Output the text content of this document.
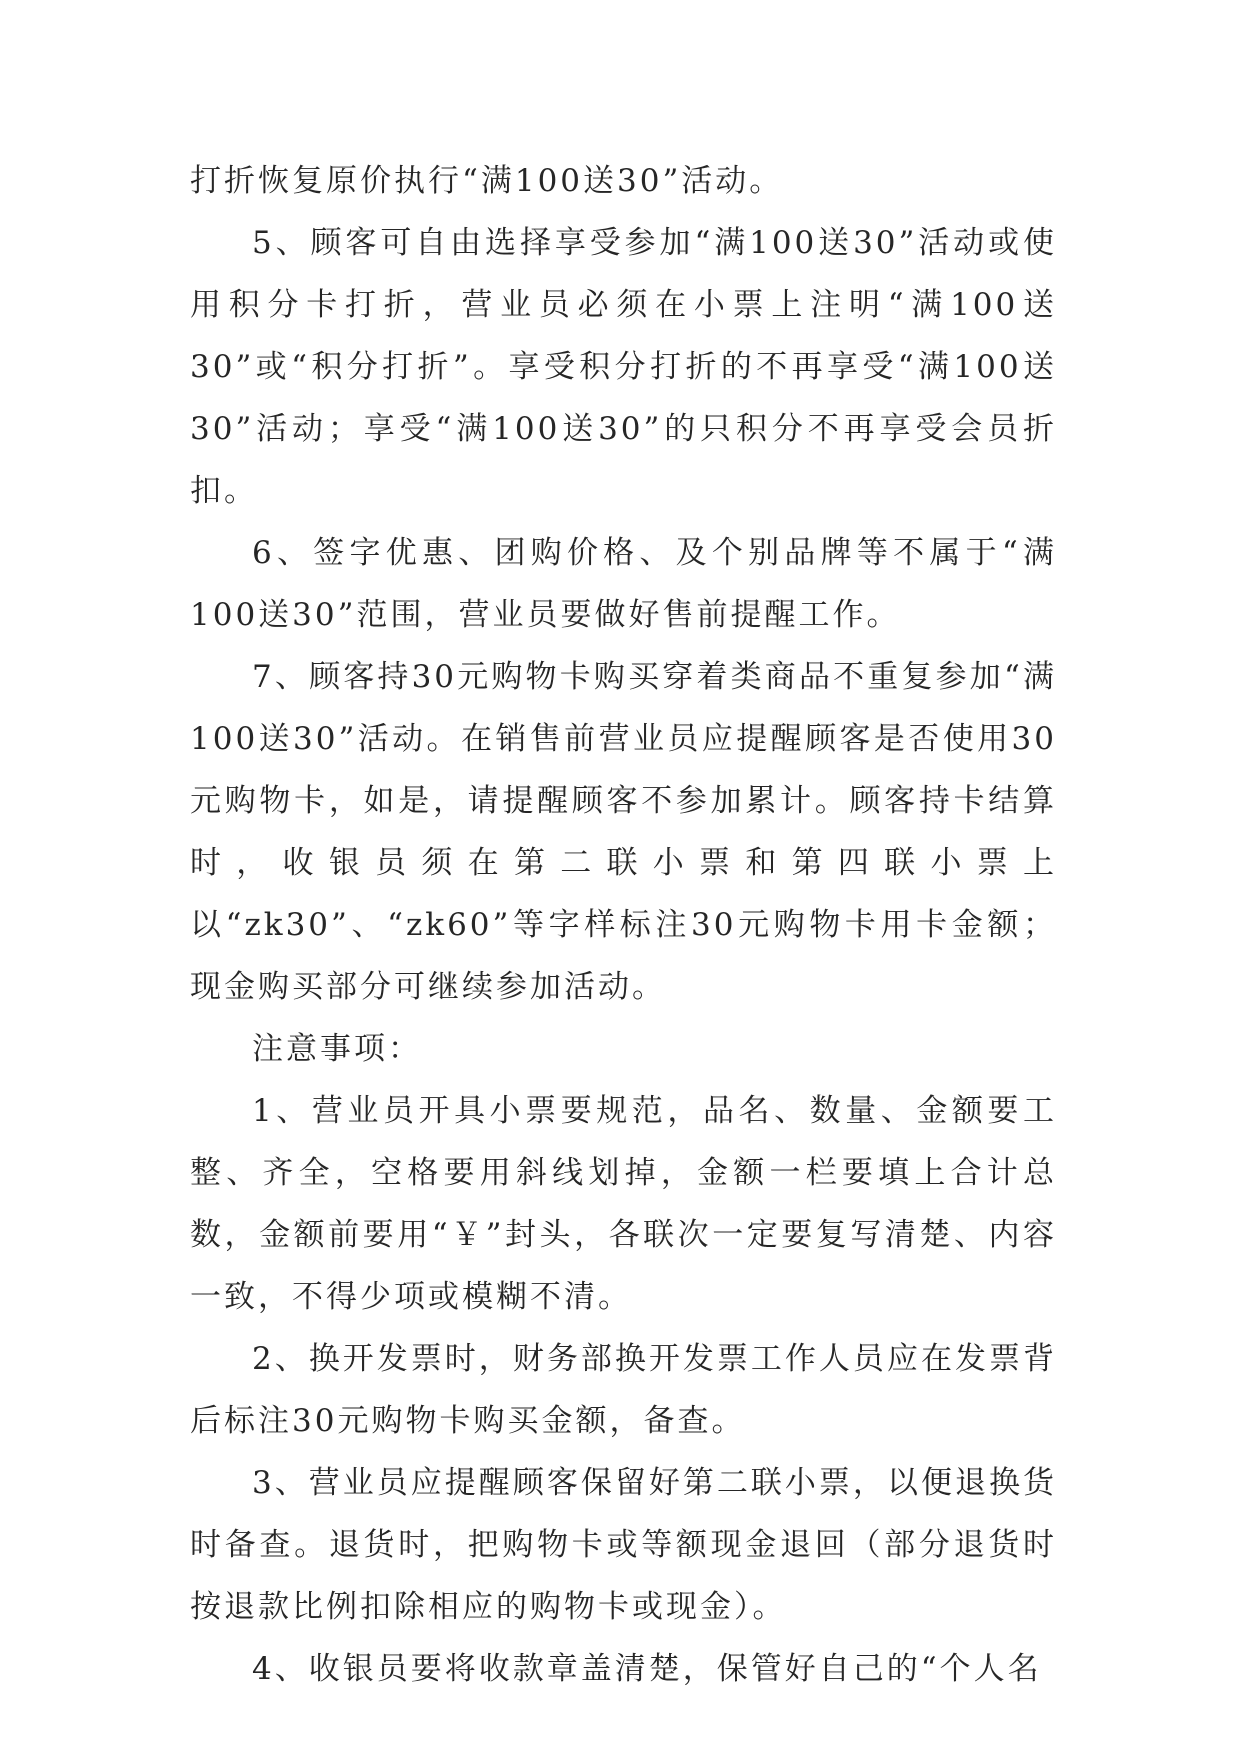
打折恢复原价执行“满100送30”活动。

5、顾客可自由选择享受参加“满100送30”活动或使用积分卡打折，营业员必须在小票上注明“满100送30”或“积分打折”。享受积分打折的不再享受“满100送30”活动；享受“满100送30”的只积分不再享受会员折扣。

6、签字优惠、团购价格、及个别品牌等不属于“满100送30”范围，营业员要做好售前提醒工作。

7、顾客持30元购物卡购买穿着类商品不重复参加“满100送30”活动。在销售前营业员应提醒顾客是否使用30元购物卡，如是，请提醒顾客不参加累计。顾客持卡结算时，收银员须在第二联小票和第四联小票上以“zk30”、“zk60”等字样标注30元购物卡用卡金额；现金购买部分可继续参加活动。

注意事项：

1、营业员开具小票要规范，品名、数量、金额要工整、齐全，空格要用斜线划掉，金额一栏要填上合计总数，金额前要用“￥”封头，各联次一定要复写清楚、内容一致，不得少项或模糊不清。

2、换开发票时，财务部换开发票工作人员应在发票背后标注30元购物卡购买金额，备查。

3、营业员应提醒顾客保留好第二联小票，以便退换货时备查。退货时，把购物卡或等额现金退回（部分退货时按退款比例扣除相应的购物卡或现金）。

4、收银员要将收款章盖清楚，保管好自己的“个人名
